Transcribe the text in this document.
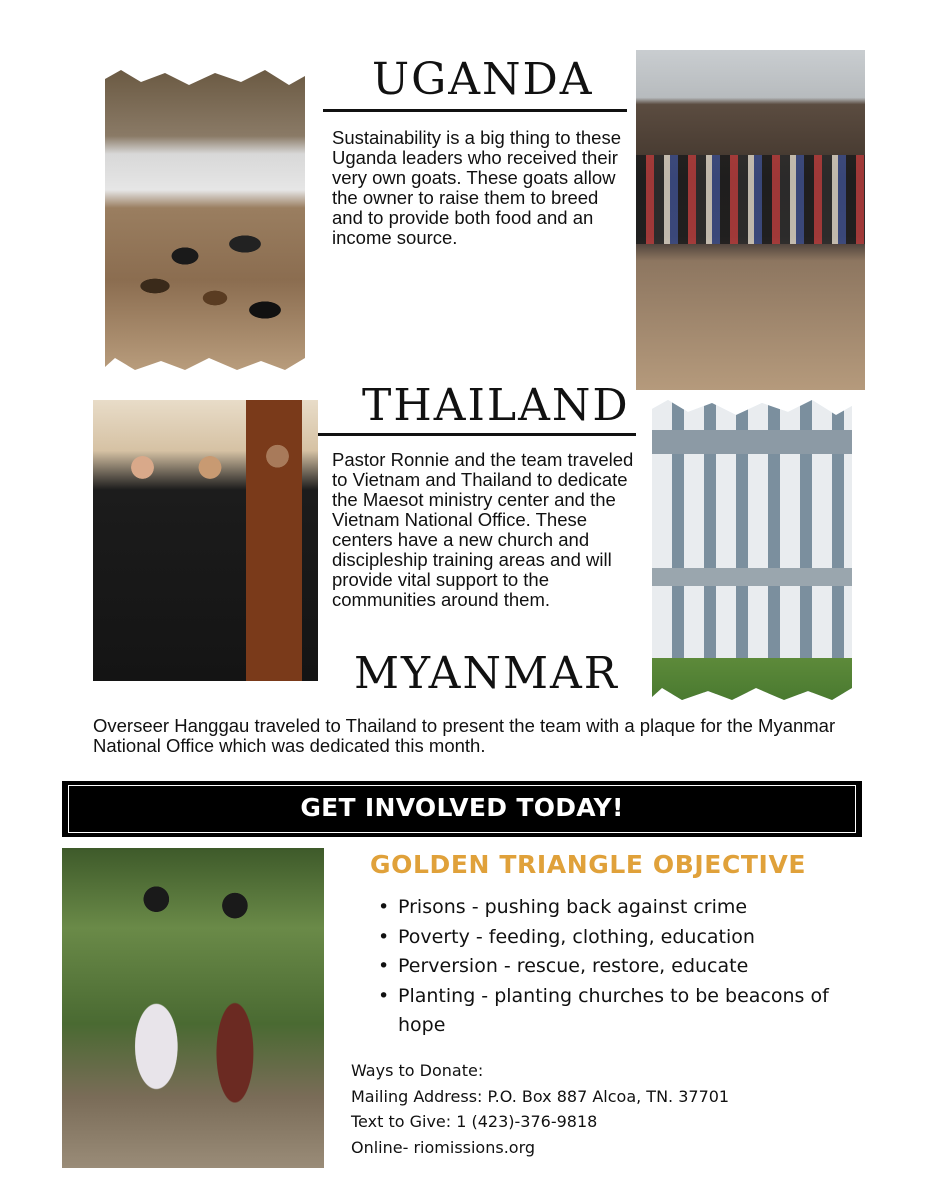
UGANDA

Sustainability is a big thing to these Uganda leaders who received their very own goats. These goats allow the owner to raise them to breed and to provide both food and an income source.

THAILAND

Pastor Ronnie and the team traveled to Vietnam and Thailand to dedicate the Maesot ministry center and the Vietnam National Office. These centers have a new church and discipleship training areas and will provide vital support to the communities around them.

MYANMAR

Overseer Hanggau traveled to Thailand to present the team with a plaque for the Myanmar National Office which was dedicated this month.

GET INVOLVED TODAY!
GOLDEN TRIANGLE OBJECTIVE
• Prisons - pushing back against crime
• Poverty - feeding, clothing, education
• Perversion - rescue, restore, educate
• Planting - planting churches to be beacons of hope
Ways to Donate:
Mailing Address: P.O. Box 887 Alcoa, TN. 37701
Text to Give: 1 (423)-376-9818
Online- riomissions.org
